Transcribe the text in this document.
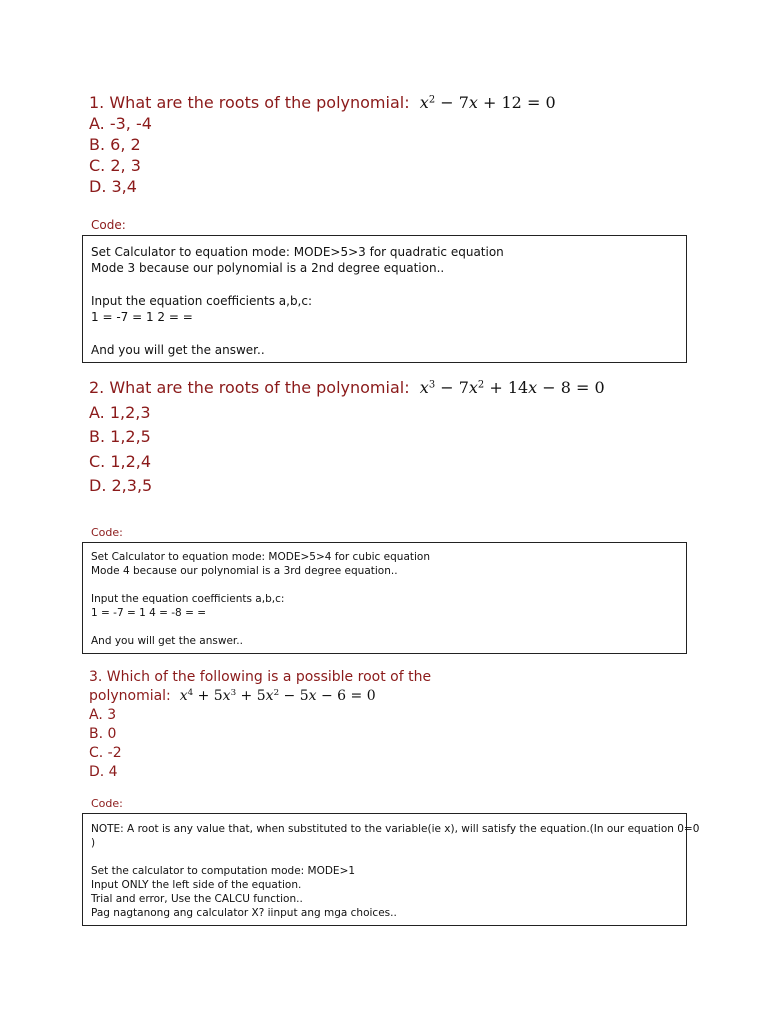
1. What are the roots of the polynomial: $x^2 - 7x + 12 = 0$
A. -3, -4
B. 6, 2
C. 2, 3
D. 3,4
Code:
Set Calculator to equation mode: MODE>5>3 for quadratic equation
Mode 3 because our polynomial is a 2nd degree equation..

Input the equation coefficients a,b,c:
1 = -7 = 1 2 = =

And you will get the answer..
2. What are the roots of the polynomial: $x^3 - 7x^2 + 14x - 8 = 0$
A. 1,2,3
B. 1,2,5
C. 1,2,4
D. 2,3,5
Code:
Set Calculator to equation mode: MODE>5>4 for cubic equation
Mode 4 because our polynomial is a 3rd degree equation..

Input the equation coefficients a,b,c:
1 = -7 = 1 4 = -8 = =

And you will get the answer..
3. Which of the following is a possible root of the
polynomial: $x^4 + 5x^3 + 5x^2 - 5x - 6 = 0$
A. 3
B. 0
C. -2
D. 4
Code:
NOTE: A root is any value that, when substituted to the variable(ie x), will satisfy the equation.(In our equation 0=0
)

Set the calculator to computation mode: MODE>1
Input ONLY the left side of the equation.
Trial and error, Use the CALCU function..
Pag nagtanong ang calculator X? iinput ang mga choices..
